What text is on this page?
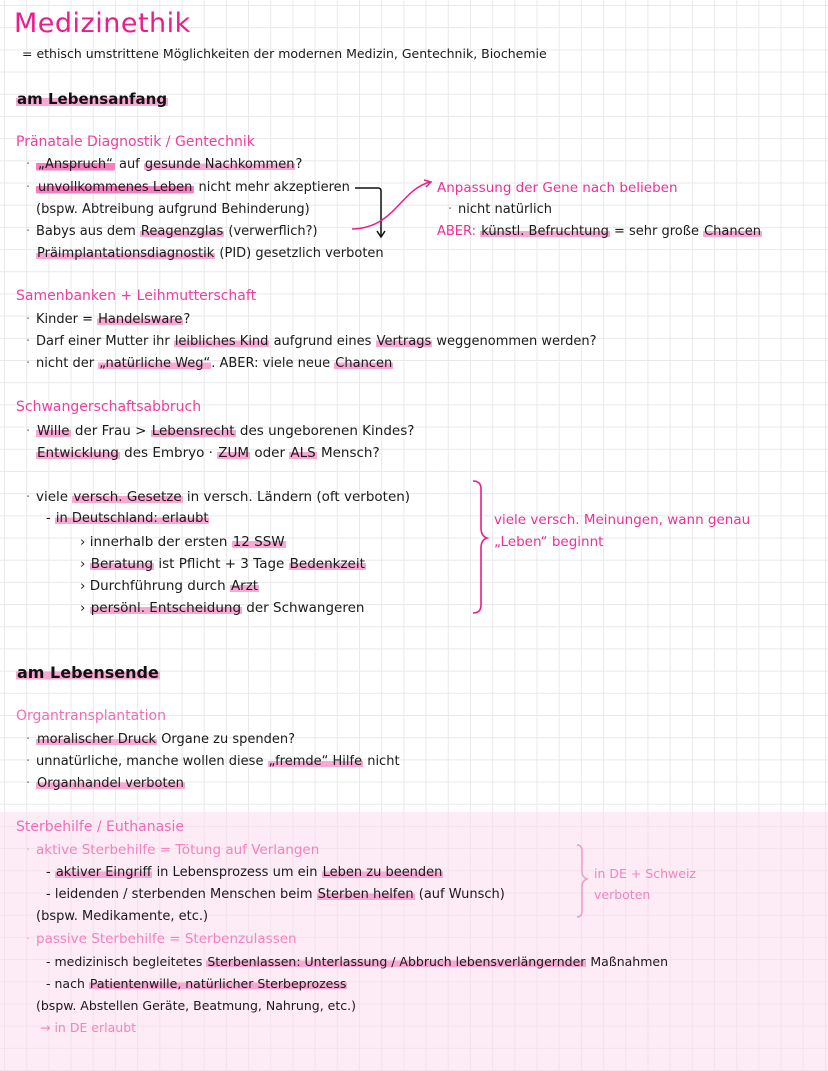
Medizinethik
= ethisch umstrittene Möglichkeiten der modernen Medizin, Gentechnik, Biochemie
am Lebensanfang
Pränatale Diagnostik / Gentechnik
· „Anspruch“ auf gesunde Nachkommen?
· unvollkommenes Leben nicht mehr akzeptieren
(bspw. Abtreibung aufgrund Behinderung)
· Babys aus dem Reagenzglas (verwerflich?)
Präimplantationsdiagnostik (PID) gesetzlich verboten
Anpassung der Gene nach belieben
· nicht natürlich
ABER: künstl. Befruchtung = sehr große Chancen
Samenbanken + Leihmutterschaft
· Kinder = Handelsware?
· Darf einer Mutter ihr leibliches Kind aufgrund eines Vertrags weggenommen werden?
· nicht der „natürliche Weg“. ABER: viele neue Chancen
Schwangerschaftsabbruch
· Wille der Frau > Lebensrecht des ungeborenen Kindes?
Entwicklung des Embryo · ZUM oder ALS Mensch?
· viele versch. Gesetze in versch. Ländern (oft verboten)
- in Deutschland: erlaubt
› innerhalb der ersten 12 SSW
› Beratung ist Pflicht + 3 Tage Bedenkzeit
› Durchführung durch Arzt
› persönl. Entscheidung der Schwangeren
viele versch. Meinungen, wann genau
„Leben“ beginnt
am Lebensende
Organtransplantation
· moralischer Druck Organe zu spenden?
· unnatürliche, manche wollen diese „fremde“ Hilfe nicht
· Organhandel verboten
Sterbehilfe / Euthanasie
· aktive Sterbehilfe = Tötung auf Verlangen
- aktiver Eingriff in Lebensprozess um ein Leben zu beenden
- leidenden / sterbenden Menschen beim Sterben helfen (auf Wunsch)
(bspw. Medikamente, etc.)
in DE + Schweiz
verboten
· passive Sterbehilfe = Sterbenzulassen
- medizinisch begleitetes Sterbenlassen: Unterlassung / Abbruch lebensverlängernder Maßnahmen
- nach Patientenwille, natürlicher Sterbeprozess
(bspw. Abstellen Geräte, Beatmung, Nahrung, etc.)
→ in DE erlaubt
